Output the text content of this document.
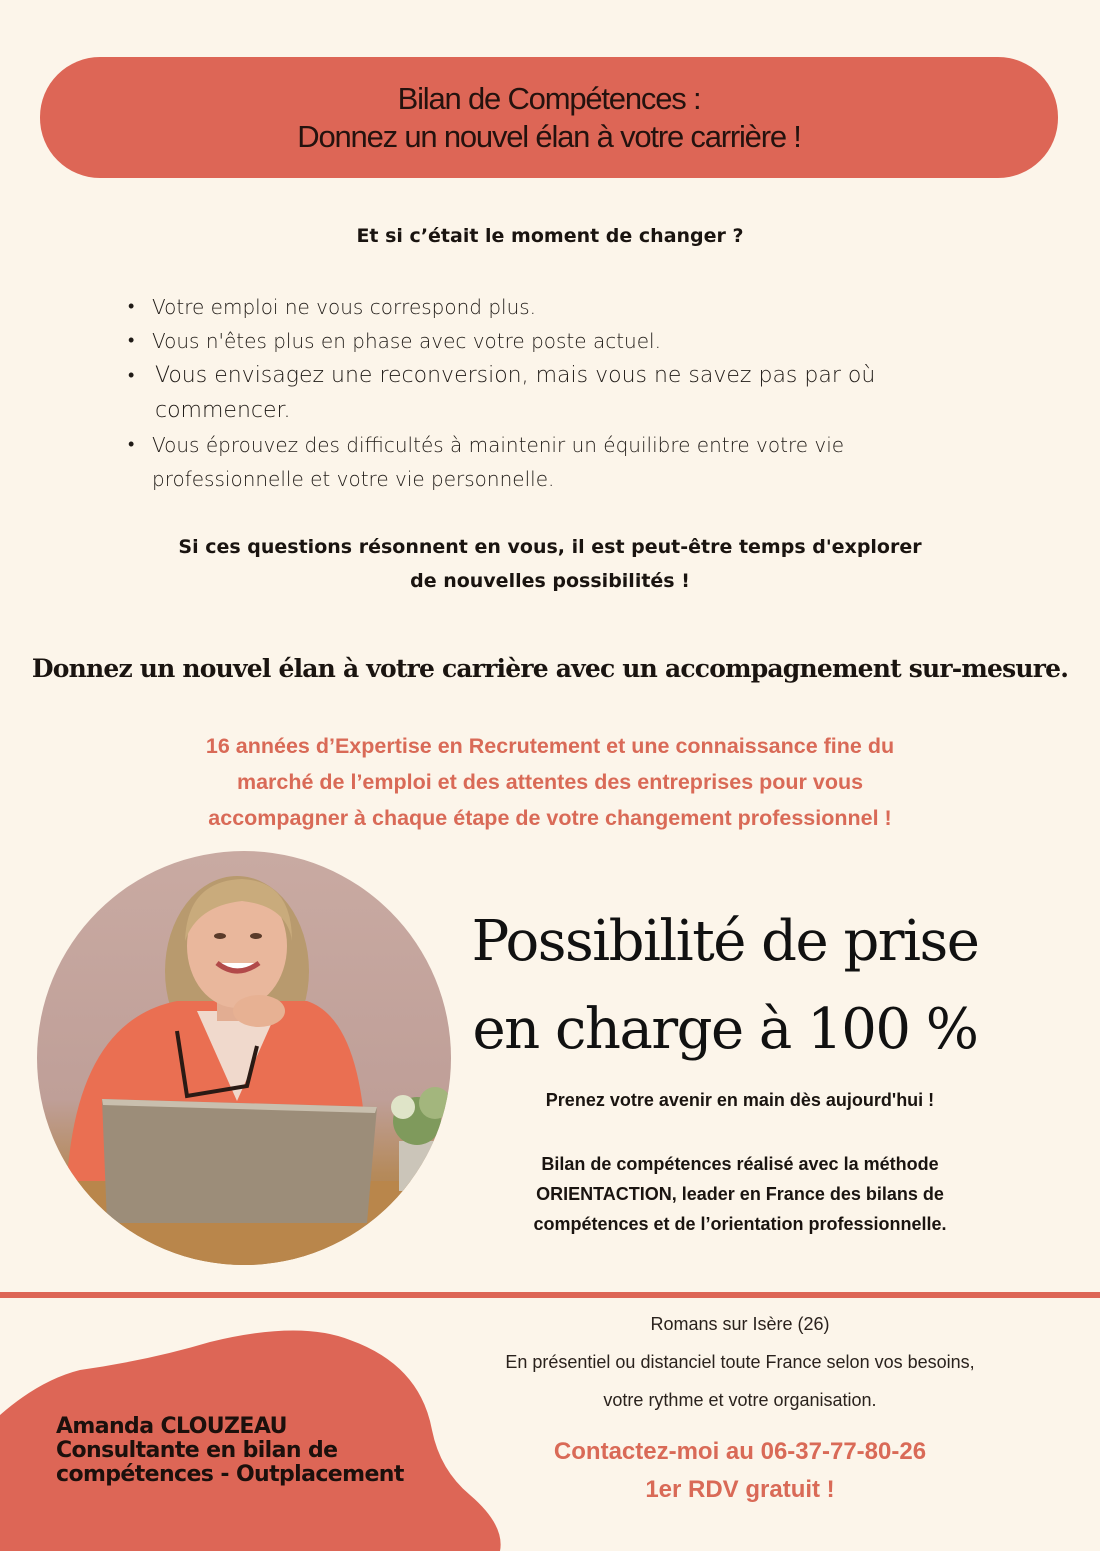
Bilan de Compétences :
Donnez un nouvel élan à votre carrière !
Et si c’était le moment de changer ?
• Votre emploi ne vous correspond plus.
• Vous n'êtes plus en phase avec votre poste actuel.
• Vous envisagez une reconversion, mais vous ne savez pas par où commencer.
• Vous éprouvez des difficultés à maintenir un équilibre entre votre vie professionnelle et votre vie personnelle.
Si ces questions résonnent en vous, il est peut-être temps d'explorer
de nouvelles possibilités !
Donnez un nouvel élan à votre carrière avec un accompagnement sur-mesure.
16 années d’Expertise en Recrutement et une connaissance fine du
marché de l’emploi et des attentes des entreprises pour vous
accompagner à chaque étape de votre changement professionnel !
Possibilité de prise
en charge à 100 %
Prenez votre avenir en main dès aujourd'hui !
Bilan de compétences réalisé avec la méthode
ORIENTACTION, leader en France des bilans de
compétences et de l’orientation professionnelle.
Amanda CLOUZEAU
Consultante en bilan de
compétences - Outplacement
Romans sur Isère (26)
En présentiel ou distanciel toute France selon vos besoins,
votre rythme et votre organisation.
Contactez-moi au 06-37-77-80-26
1er RDV gratuit !
